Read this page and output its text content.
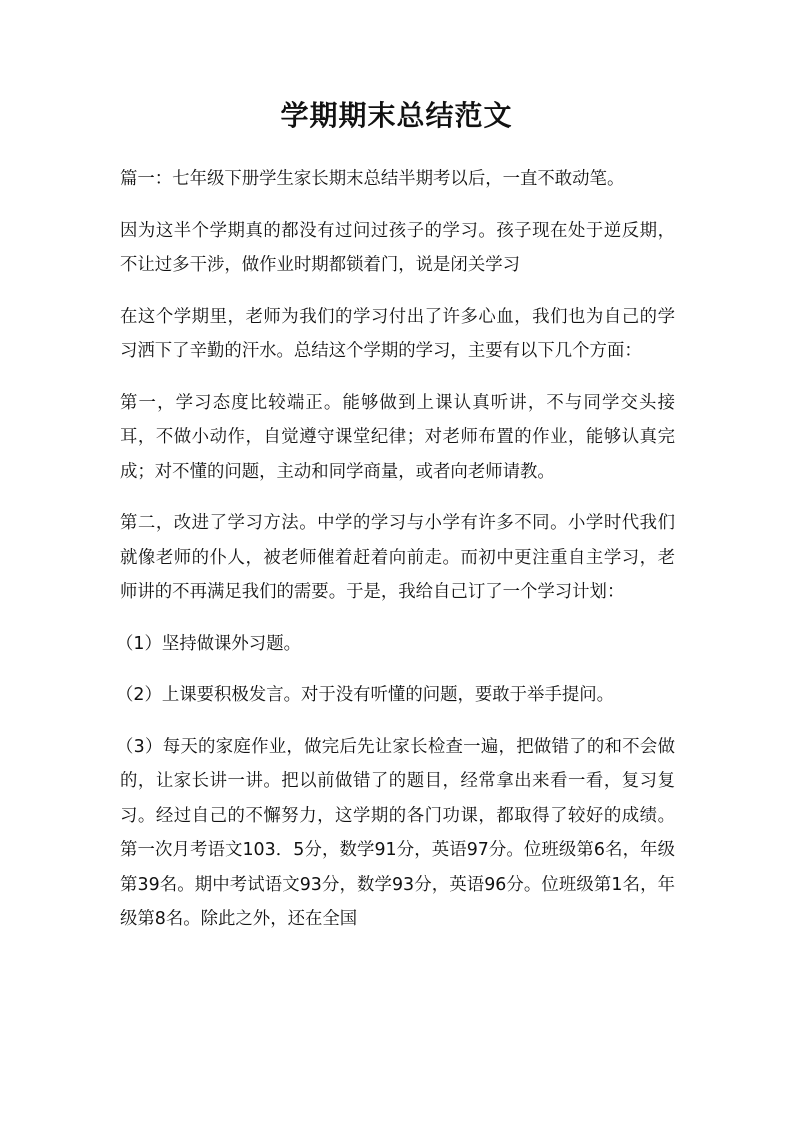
学期期末总结范文

篇一：七年级下册学生家长期末总结半期考以后，一直不敢动笔。

因为这半个学期真的都没有过问过孩子的学习。孩子现在处于逆反期，不让过多干涉，做作业时期都锁着门，说是闭关学习

在这个学期里，老师为我们的学习付出了许多心血，我们也为自己的学习洒下了辛勤的汗水。总结这个学期的学习，主要有以下几个方面：

第一，学习态度比较端正。能够做到上课认真听讲，不与同学交头接耳，不做小动作，自觉遵守课堂纪律；对老师布置的作业，能够认真完成；对不懂的问题，主动和同学商量，或者向老师请教。

第二，改进了学习方法。中学的学习与小学有许多不同。小学时代我们就像老师的仆人，被老师催着赶着向前走。而初中更注重自主学习，老师讲的不再满足我们的需要。于是，我给自己订了一个学习计划：

（1）坚持做课外习题。

（2）上课要积极发言。对于没有听懂的问题，要敢于举手提问。

（3）每天的家庭作业，做完后先让家长检查一遍，把做错了的和不会做的，让家长讲一讲。把以前做错了的题目，经常拿出来看一看，复习复习。经过自己的不懈努力，这学期的各门功课，都取得了较好的成绩。第一次月考语文103．5分，数学91分，英语97分。位班级第6名，年级第39名。期中考试语文93分，数学93分，英语96分。位班级第1名，年级第8名。除此之外，还在全国
